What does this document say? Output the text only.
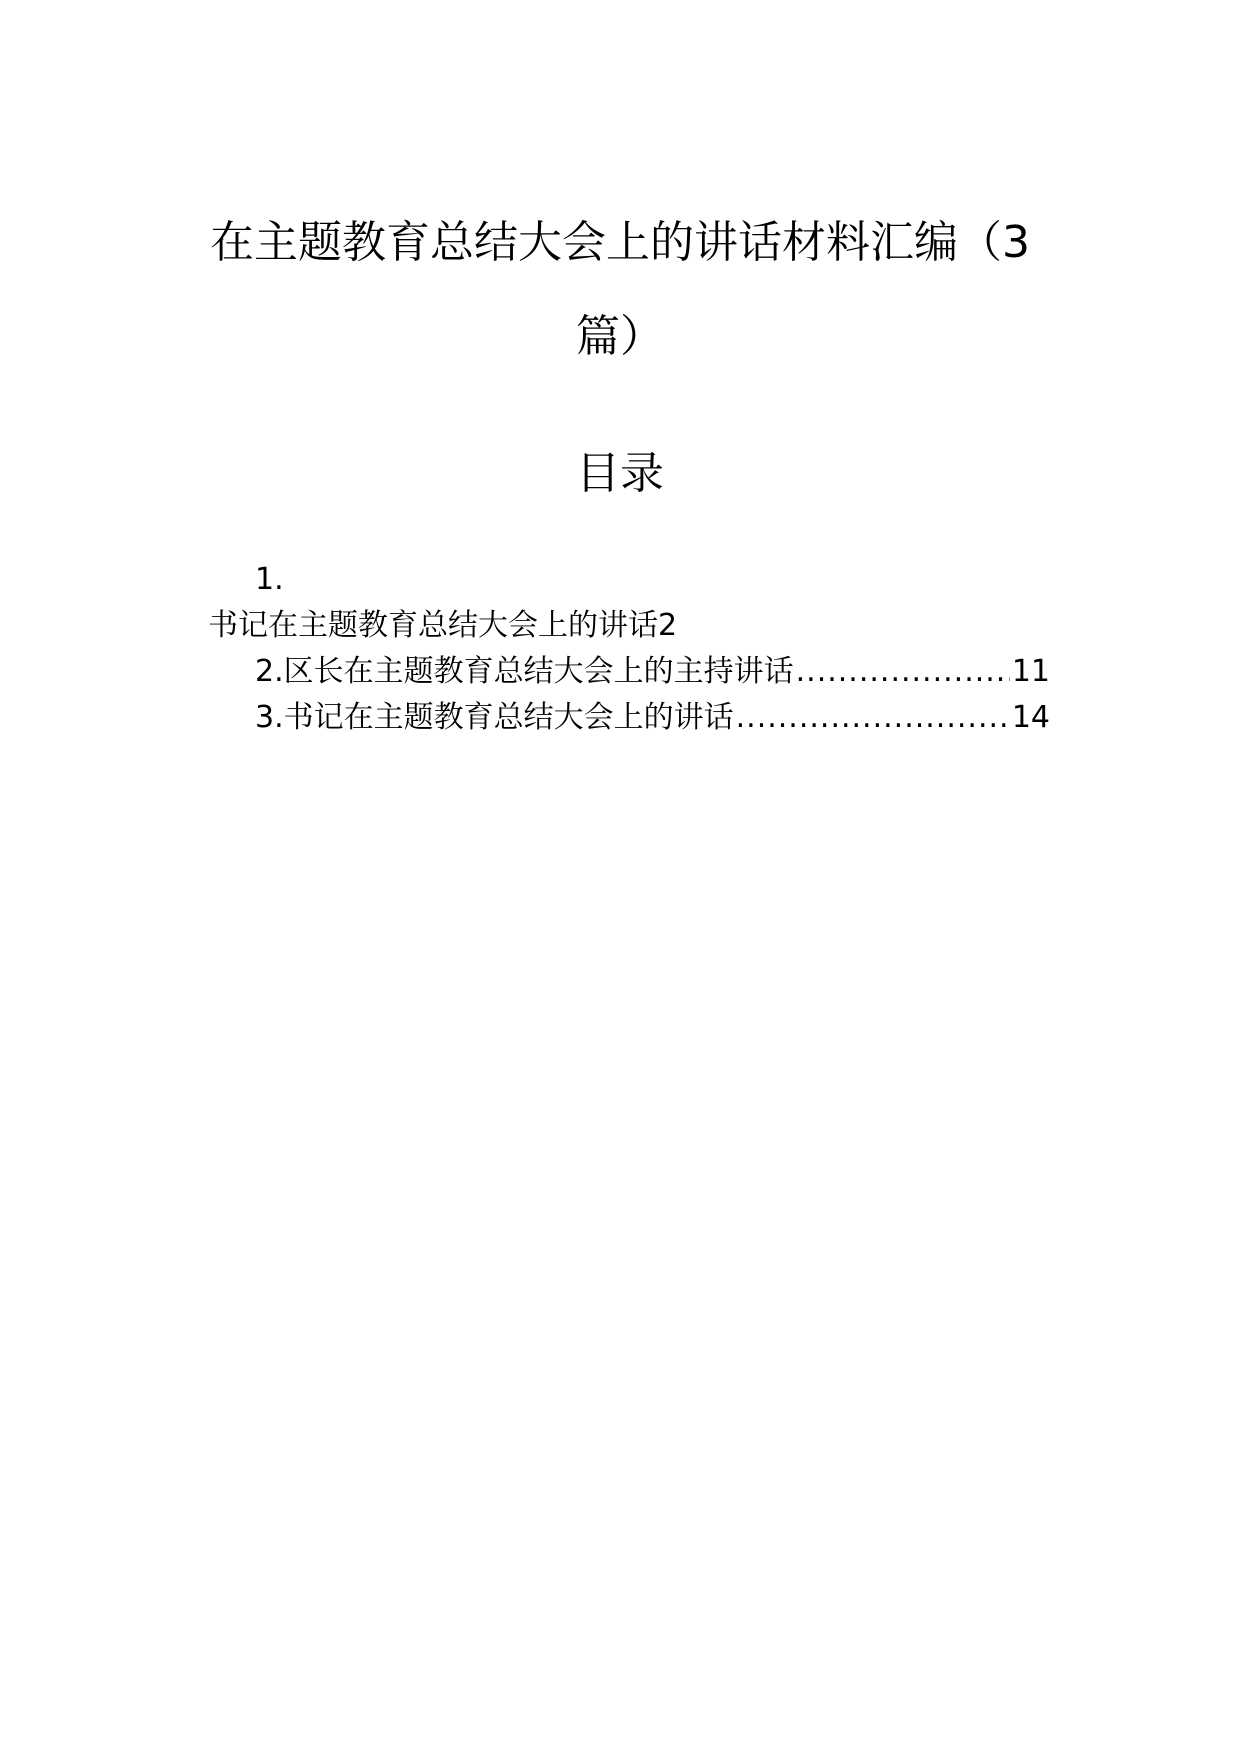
在主题教育总结大会上的讲话材料汇编（3
篇）
目录
1.
书记在主题教育总结大会上的讲话2
2. 区长在主题教育总结大会上的主持讲话 .....	11
3. 书记在主题教育总结大会上的讲话 .....	14
